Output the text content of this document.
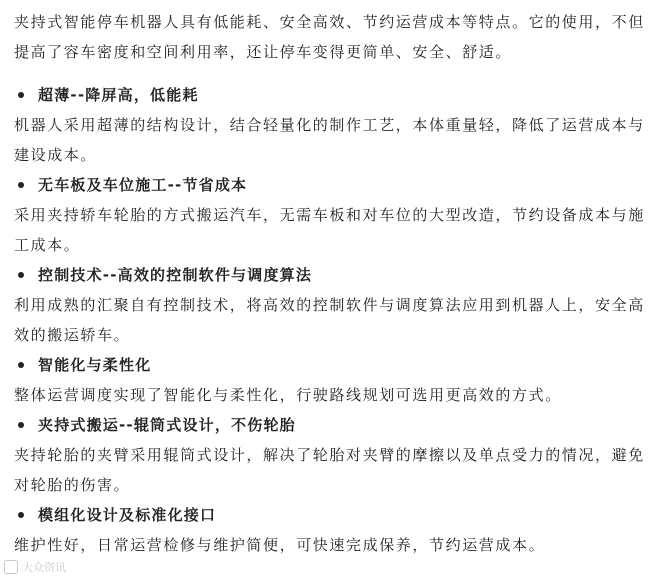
夹持式智能停车机器人具有低能耗、安全高效、节约运营成本等特点。它的使用，不但提高了容车密度和空间利用率，还让停车变得更简单、安全、舒适。

超薄--降屏高，低能耗

机器人采用超薄的结构设计，结合轻量化的制作工艺，本体重量轻，降低了运营成本与建设成本。

无车板及车位施工--节省成本

采用夹持轿车轮胎的方式搬运汽车，无需车板和对车位的大型改造，节约设备成本与施工成本。

控制技术--高效的控制软件与调度算法

利用成熟的汇聚自有控制技术，将高效的控制软件与调度算法应用到机器人上，安全高效的搬运轿车。

智能化与柔性化

整体运营调度实现了智能化与柔性化，行驶路线规划可选用更高效的方式。

夹持式搬运--辊筒式设计，不伤轮胎

夹持轮胎的夹臂采用辊筒式设计，解决了轮胎对夹臂的摩擦以及单点受力的情况，避免对轮胎的伤害。

模组化设计及标准化接口

维护性好，日常运营检修与维护简便，可快速完成保养，节约运营成本。

大众资讯
